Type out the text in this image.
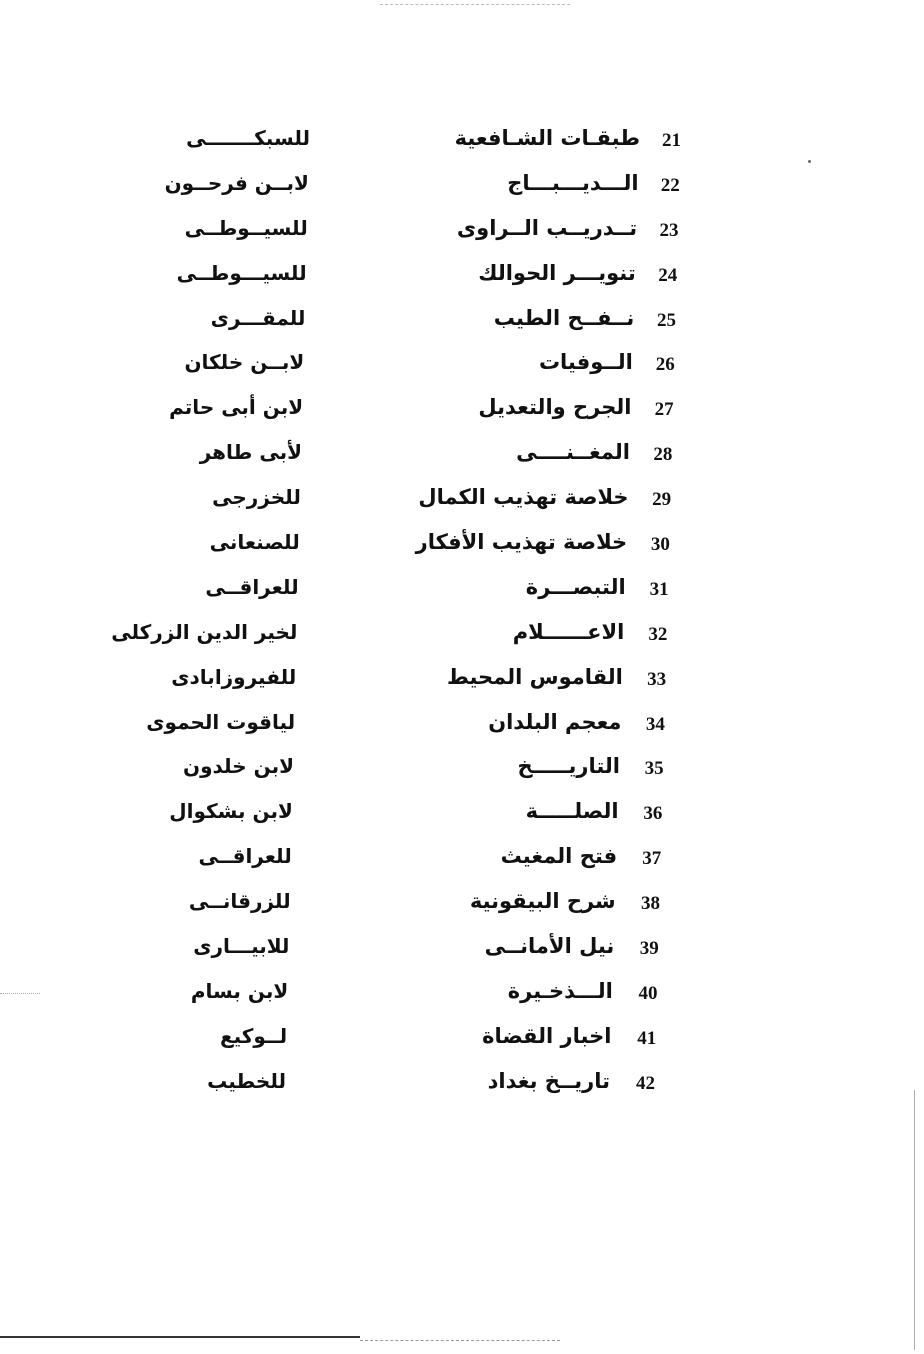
21
طبقـات الشـافعية
للسبكـــــــى
22
الـــديـــبـــاج
لابــن فرحــون
23
تــدريــب الــراوى
للسيــوطــى
24
تنويـــر الحوالك
للسيـــوطــى
25
نــفــح الطيب
للمقـــرى
26
الــوفيات
لابــن خلكان
27
الجرح والتعديل
لابن أبى حاتم
28
المغــنــــى
لأبى طاهر
29
خلاصة تهذيب الكمال
للخزرجى
30
خلاصة تهذيب الأفكار
للصنعانى
31
التبصـــرة
للعراقــى
32
الاعــــــلام
لخير الدين الزركلى
33
القاموس المحيط
للفيروزابادى
34
معجم البلدان
لياقوت الحموى
35
التاريـــــخ
لابن خلدون
36
الصلـــــة
لابن بشكوال
37
فتح المغيث
للعراقــى
38
شرح البيقونية
للزرقانــى
39
نيل الأمانــى
للابيـــارى
40
الـــذخـيرة
لابن بسام
41
اخبار القضاة
لــوكيع
42
تاريــخ بغداد
للخطيب
